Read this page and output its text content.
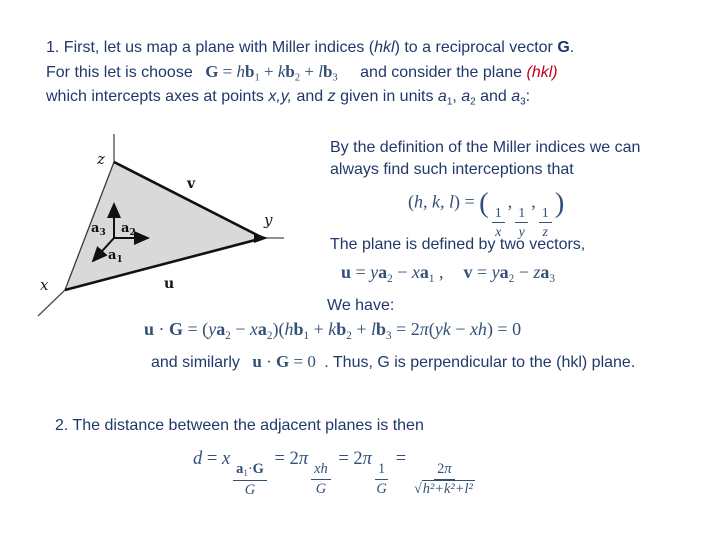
1. First, let us map a plane with Miller indices (hkl) to a reciprocal vector G.
For this let is choose $G = hb_1 + kb_2 + lb_3$ and consider the plane (hkl)
which intercepts axes at points x,y, and z given in units $a_1$, $a_2$ and $a_3$:
z
y
x
v
u
$a_3$ $a_2$
$a_1$
By the definition of the Miller indices we can
always find such interceptions that
(h, k, l) = (
$\frac{1}{x}$
,
$\frac{1}{y}$
,
$\frac{1}{z}$
)
The plane is defined by two vectors,
$u = ya_2 - xa_1$ , $v = ya_2 - za_3$
We have:
$u \cdot G = (ya_2 - xa_2)(hb_1 + kb_2 + lb_3 = 2\pi(yk - xh) = 0$
and similarly u · G = 0 . Thus, G is perpendicular to the (hkl) plane.
2. The distance between the adjacent planes is then
d = x
$\frac{a_1\cdot G}{G}$
= 2π
$\frac{xh}{G}$
= 2π
$\frac{1}{G}$
=
$\frac{2\pi}{\text{√h²+k²+l²}}$
